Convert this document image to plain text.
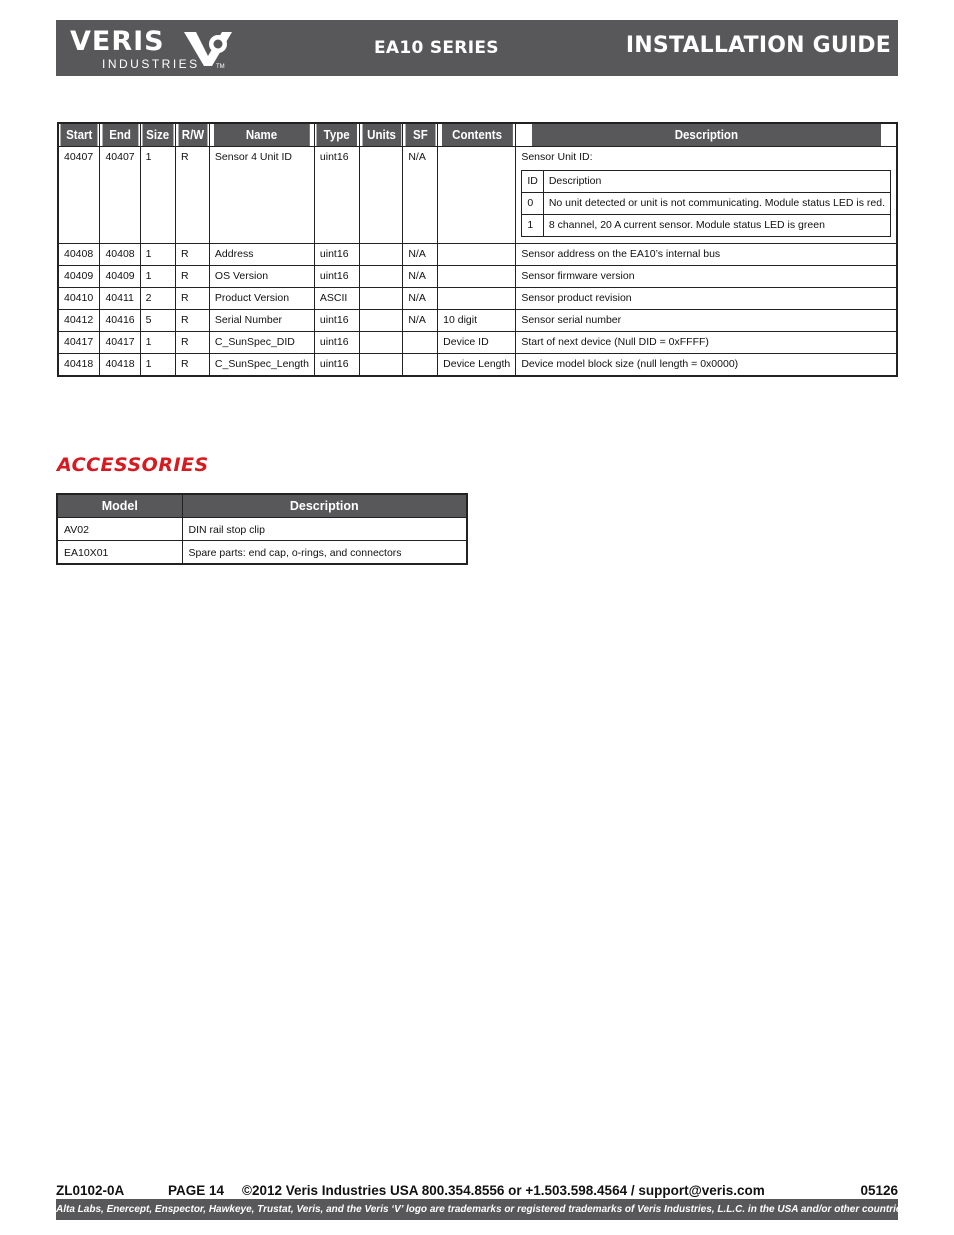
VERIS
INDUSTRIES	TM
EA10 SERIES	INSTALLATION GUIDE
Start	End	Size	R/W	Name	Type	Units	SF	Contents	Description
40407	40407	1	R	Sensor 4 Unit ID	uint16		N/A		Sensor Unit ID:
ID	Description
0	No unit detected or unit is not communicating. Module status LED is red.
1	8 channel, 20 A current sensor. Module status LED is green

40408	40408	1	R	Address	uint16		N/A		Sensor address on the EA10’s internal bus
40409	40409	1	R	OS Version	uint16		N/A		Sensor firmware version
40410	40411	2	R	Product Version	ASCII		N/A		Sensor product revision
40412	40416	5	R	Serial Number	uint16		N/A	10 digit	Sensor serial number
40417	40417	1	R	C_SunSpec_DID	uint16			Device ID	Start of next device (Null DID = 0xFFFF)
40418	40418	1	R	C_SunSpec_Length	uint16			Device Length	Device model block size (null length = 0x0000)
ACCESSORIES
Model	Description
AV02	DIN rail stop clip
EA10X01	Spare parts: end cap, o-rings, and connectors
ZL0102-0A	PAGE 14 ©2012 Veris Industries USA 800.354.8556 or +1.503.598.4564 / support@veris.com	05126
Alta Labs, Enercept, Enspector, Hawkeye, Trustat, Veris, and the Veris ‘V’ logo are trademarks or registered trademarks of Veris Industries, L.L.C. in the USA and/or other countries.
